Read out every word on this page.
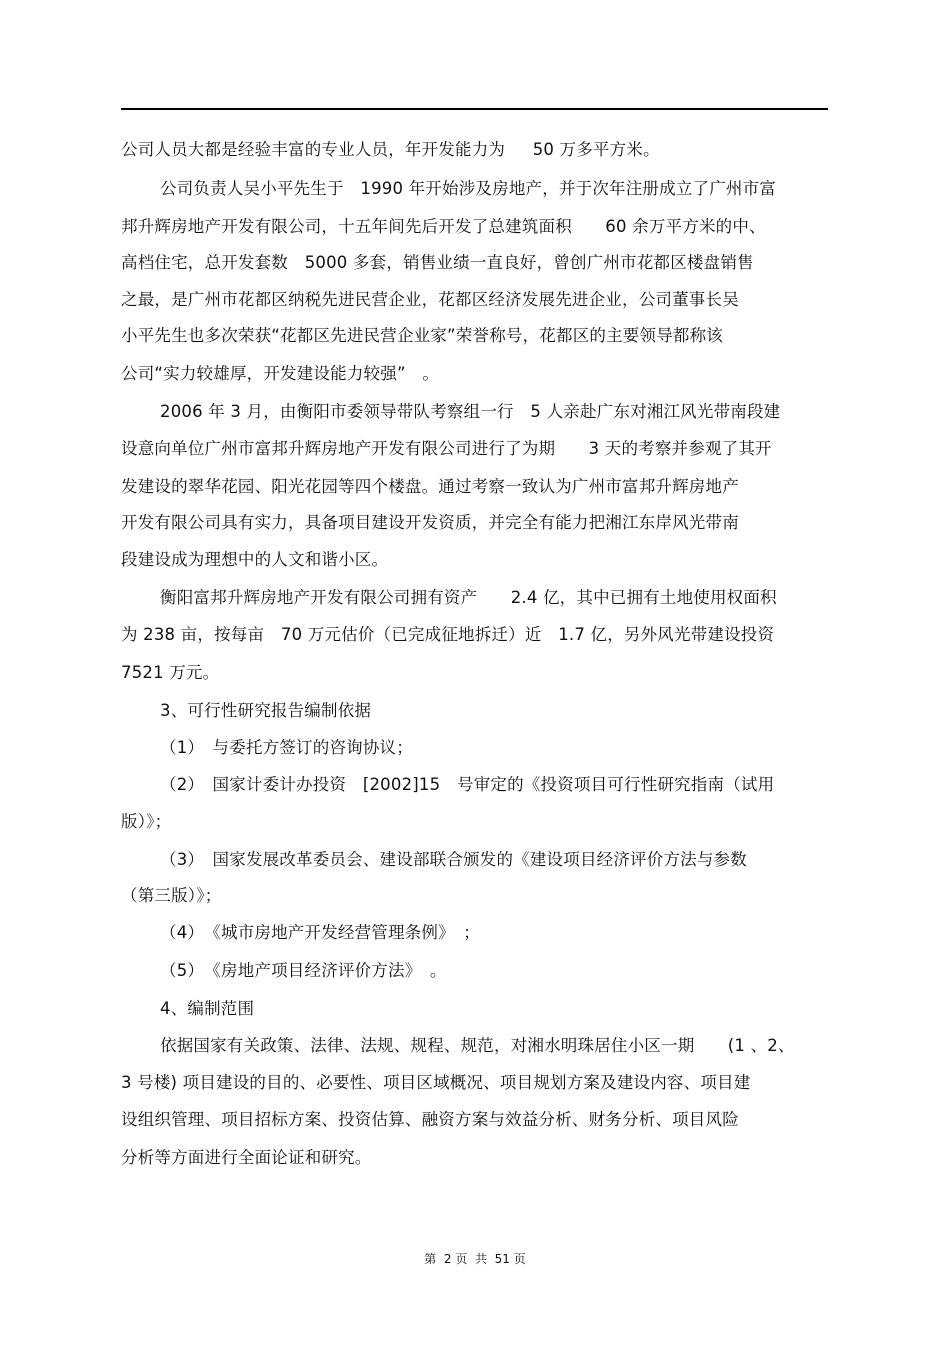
公司人员大都是经验丰富的专业人员，年开发能力为　  50 万多平方米。
公司负责人吴小平先生于　1990 年开始涉及房地产，并于次年注册成立了广州市富
邦升辉房地产开发有限公司，十五年间先后开发了总建筑面积　　60 余万平方米的中、
高档住宅，总开发套数　5000 多套，销售业绩一直良好，曾创广州市花都区楼盘销售
之最，是广州市花都区纳税先进民营企业，花都区经济发展先进企业，公司董事长吴
小平先生也多次荣获“花都区先进民营企业家”荣誉称号，花都区的主要领导都称该
公司“实力较雄厚，开发建设能力较强”　。
2006 年 3 月，由衡阳市委领导带队考察组一行　5 人亲赴广东对湘江风光带南段建
设意向单位广州市富邦升辉房地产开发有限公司进行了为期　　3 天的考察并参观了其开
发建设的翠华花园、阳光花园等四个楼盘。通过考察一致认为广州市富邦升辉房地产
开发有限公司具有实力，具备项目建设开发资质，并完全有能力把湘江东岸风光带南
段建设成为理想中的人文和谐小区。
衡阳富邦升辉房地产开发有限公司拥有资产　　2.4 亿，其中已拥有土地使用权面积
为 238 亩，按每亩　70 万元估价（已完成征地拆迁）近　1.7 亿，另外风光带建设投资
7521 万元。
3、可行性研究报告编制依据
（1）　与委托方签订的咨询协议；
（2）　国家计委计办投资　[2002]15　号审定的《投资项目可行性研究指南（试用
版）》；
（3）　国家发展改革委员会、建设部联合颁发的《建设项目经济评价方法与参数
（第三版）》；
（4）　《城市房地产开发经营管理条例》　；
（5）　《房地产项目经济评价方法》　。
4、编制范围
依据国家有关政策、法律、法规、规程、规范，对湘水明珠居住小区一期　　(1 、2、
3 号楼) 项目建设的目的、必要性、项目区域概况、项目规划方案及建设内容、项目建
设组织管理、项目招标方案、投资估算、融资方案与效益分析、财务分析、项目风险
分析等方面进行全面论证和研究。
第  2 页  共  51 页
